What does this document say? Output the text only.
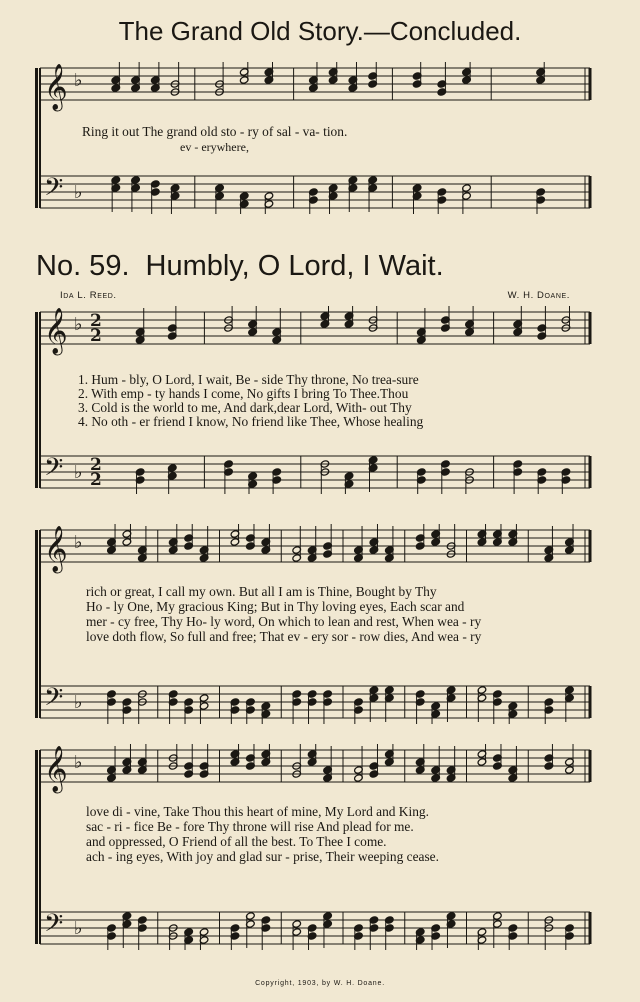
The Grand Old Story.—Concluded.
No. 59. Humbly, O Lord, I Wait.
Ida L. Reed.	W. H. Doane.
𝄞 ♭
𝄢 ♭
𝄞 ♭
𝄢 ♭
2
2
2
2
𝄞 ♭
𝄢 ♭
𝄞 ♭
𝄢 ♭
Ring it out The grand old sto - ry of sal - va- tion.
ev - erywhere,
1. Hum - bly, O Lord, I wait, Be - side Thy throne, No trea-sure
2. With emp - ty hands I come, No gifts I bring To Thee.Thou
3. Cold is the world to me, And dark,dear Lord, With- out Thy
4. No oth - er friend I know, No friend like Thee, Whose healing
rich or great, I call my own. But all I am is Thine, Bought by Thy
Ho - ly One, My gracious King; But in Thy loving eyes, Each scar and
mer - cy free, Thy Ho- ly word, On which to lean and rest, When wea - ry
love doth flow, So full and free; That ev - ery sor - row dies, And wea - ry
love di - vine, Take Thou this heart of mine, My Lord and King.
sac - ri - fice Be - fore Thy throne will rise And plead for me.
and oppressed, O Friend of all the best. To Thee I come.
ach - ing eyes, With joy and glad sur - prise, Their weeping cease.
Copyright, 1903, by W. H. Doane.
